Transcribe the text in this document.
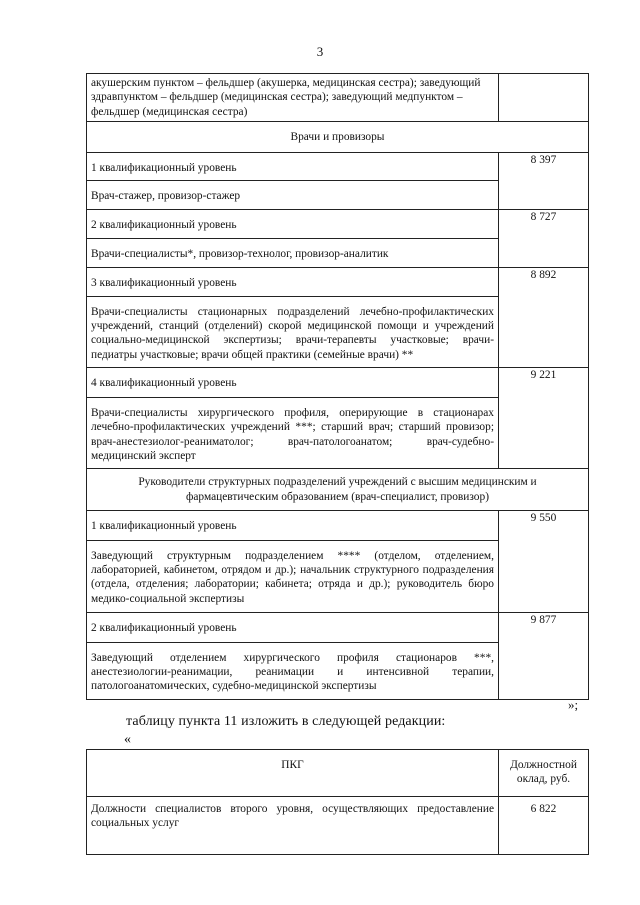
3
акушерским пунктом – фельдшер (акушерка, медицинская сестра); заведующий здравпунктом – фельдшер (медицинская сестра); заведующий медпунктом – фельдшер (медицинская сестра)	
Врачи и провизоры	
1 квалификационный уровень	8 397
Врач-стажер, провизор-стажер	
2 квалификационный уровень	8 727
Врачи-специалисты*, провизор-технолог, провизор-аналитик	
3 квалификационный уровень	8 892
Врачи-специалисты стационарных подразделений лечебно-профилактических учреждений, станций (отделений) скорой медицинской помощи и учреждений социально-медицинской экспертизы; врачи-терапевты участковые; врачи-педиатры участковые; врачи общей практики (семейные врачи) **	
4 квалификационный уровень	9 221
Врачи-специалисты хирургического профиля, оперирующие в стационарах лечебно-профилактических учреждений ***; старший врач; старший провизор; врач-анестезиолог-реаниматолог; врач-патологоанатом; врач-судебно-медицинский эксперт	
Руководители структурных подразделений учреждений с высшим медицинским и фармацевтическим образованием (врач-специалист, провизор)	
1 квалификационный уровень	9 550
Заведующий структурным подразделением **** (отделом, отделением, лабораторией, кабинетом, отрядом и др.); начальник структурного подразделения (отдела, отделения; лаборатории; кабинета; отряда и др.); руководитель бюро медико-социальной экспертизы	
2 квалификационный уровень	9 877
Заведующий отделением хирургического профиля стационаров ***, анестезиологии-реанимации, реанимации и интенсивной терапии, патологоанатомических, судебно-медицинской экспертизы	
»;
таблицу пункта 11 изложить в следующей редакции:
«
ПКГ	Должностной оклад, руб.
Должности специалистов второго уровня, осуществляющих предоставление социальных услуг	6 822
